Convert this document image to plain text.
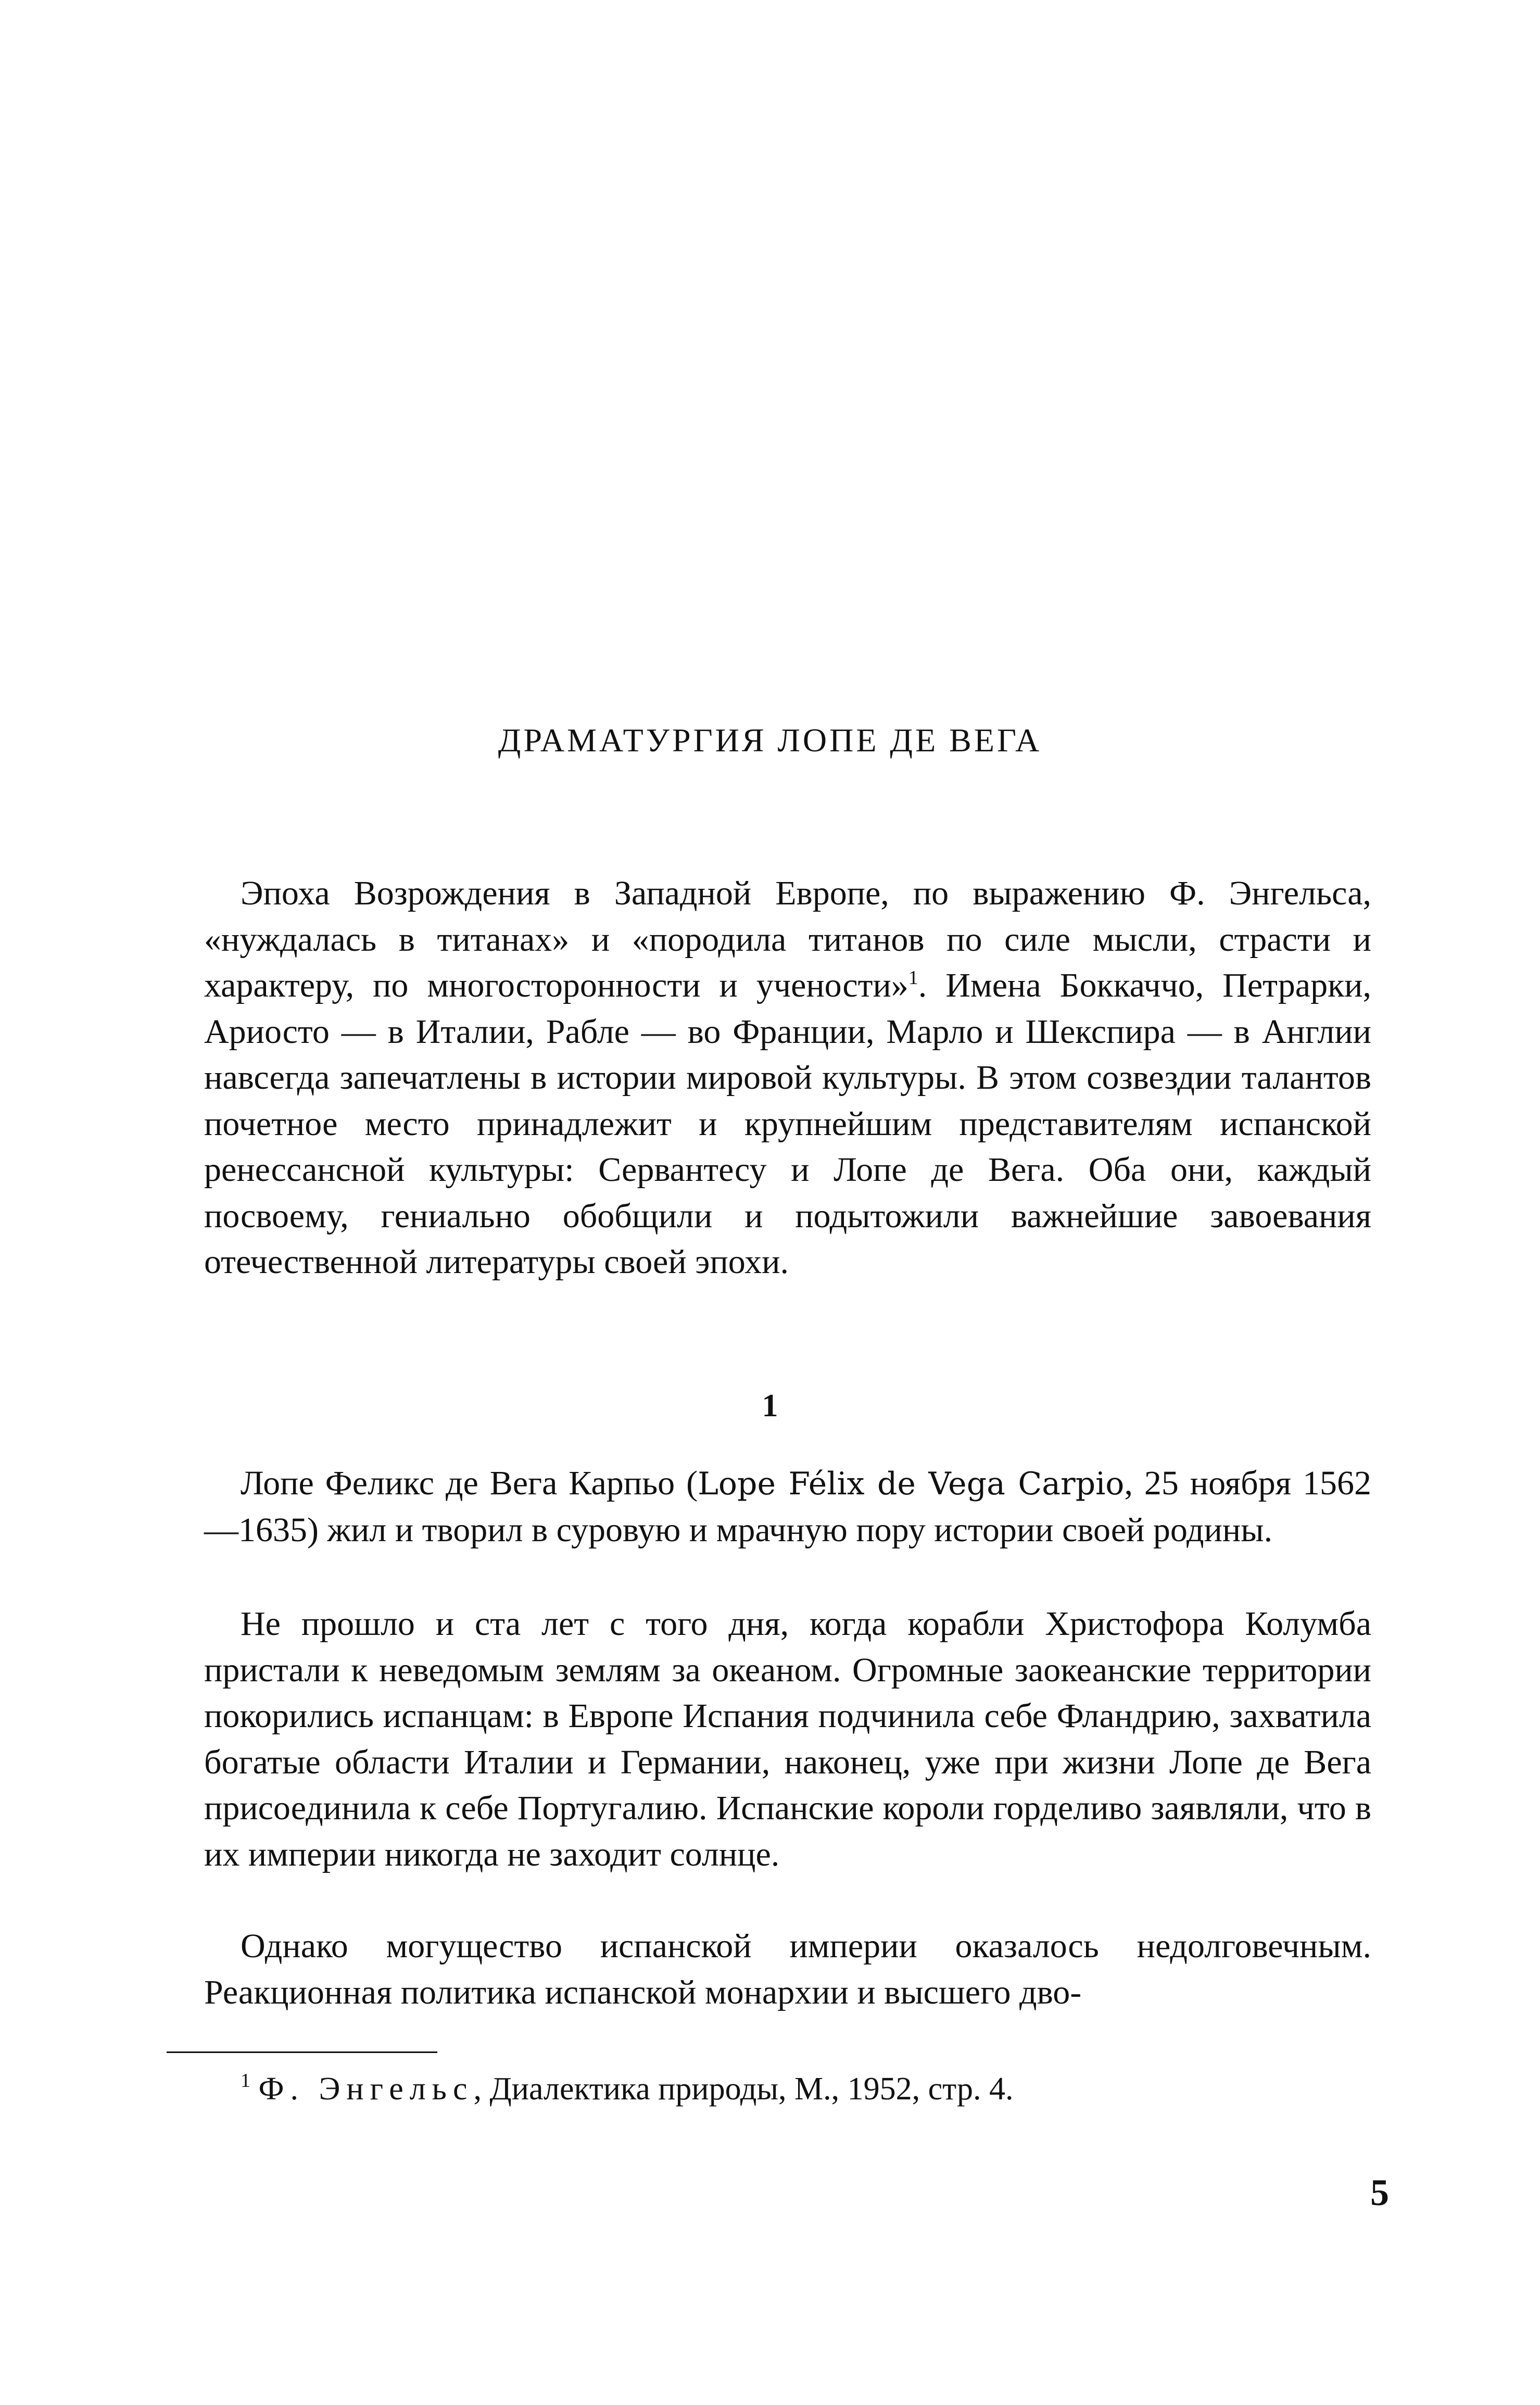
ДРАМАТУРГИЯ ЛОПЕ ДЕ ВЕГА

Эпоха Возрождения в Западной Европе, по выражению Ф. Энгельса, «нуждалась в титанах» и «породила титанов по силе мысли, страсти и характеру, по многосторонности и учености»$^1$. Имена Боккаччо, Петрарки, Ариосто — в Италии, Рабле — во Франции, Марло и Шекспира — в Англии навсегда запечатлены в истории мировой культуры. В этом созвездии талантов почетное место принадлежит и крупнейшим представителям испанской ренессансной культуры: Сервантесу и Лопе де Вега. Оба они, каждый посвоему, гениально обобщили и подытожили важнейшие завоевания отечественной литературы своей эпохи.

1

Лопе Феликс де Вега Карпьо (Lope Félix de Vega Carpio, 25 ноября 1562—1635) жил и творил в суровую и мрачную пору истории своей родины.

Не прошло и ста лет с того дня, когда корабли Христофора Колумба пристали к неведомым землям за океаном. Огромные заокеанские территории покорились испанцам: в Европе Испания подчинила себе Фландрию, захватила богатые области Италии и Германии, наконец, уже при жизни Лопе де Вега присоединила к себе Португалию. Испанские короли горделиво заявляли, что в их империи никогда не заходит солнце.

Однако могущество испанской империи оказалось недолговечным. Реакционная политика испанской монархии и высшего дво-

$^1$ Ф. Энгельс, Диалектика природы, М., 1952, стр. 4.

5
